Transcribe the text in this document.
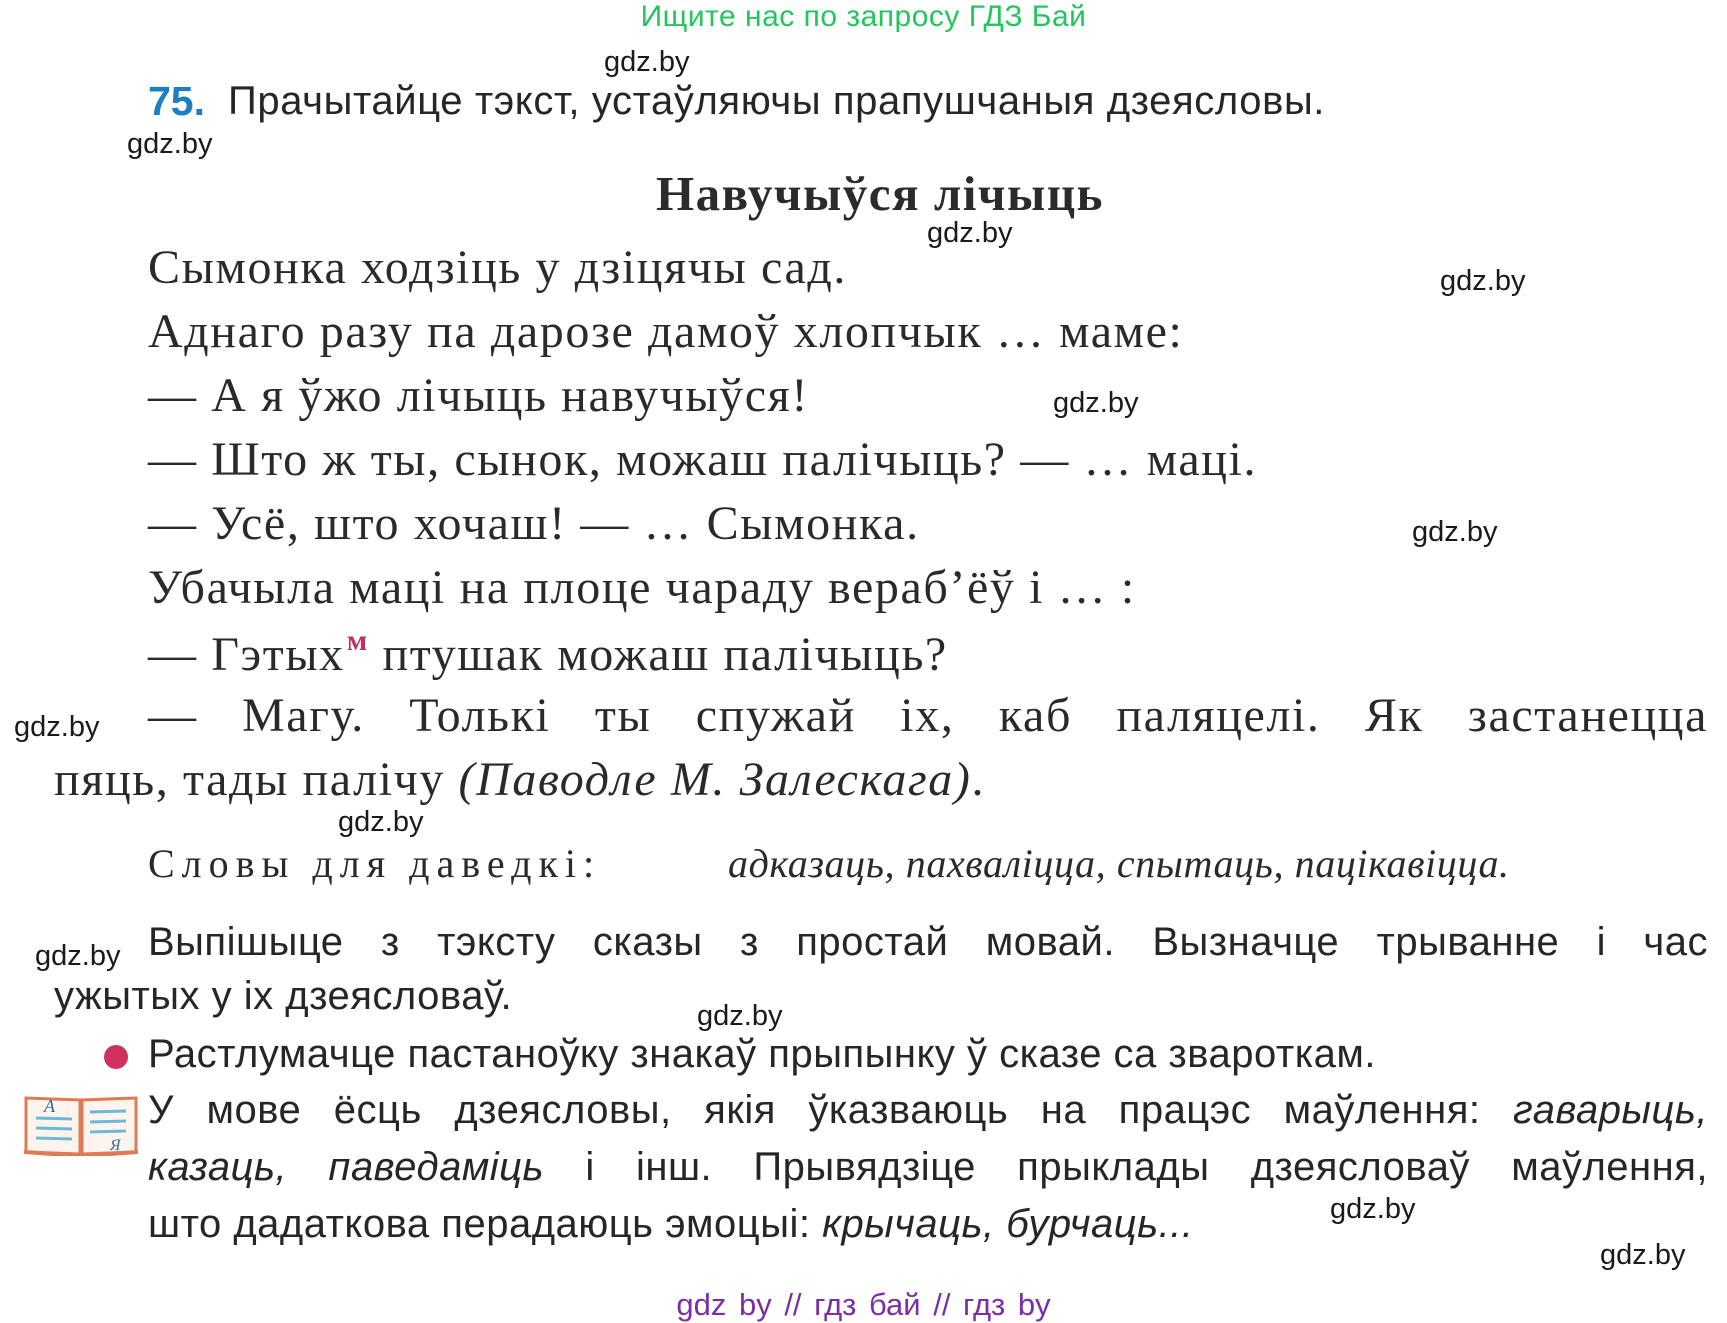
Ищите нас по запросу ГДЗ Бай
gdz.by
gdz.by
gdz.by
gdz.by
gdz.by
gdz.by
gdz.by
gdz.by
gdz.by
gdz.by
gdz.by
gdz.by
75. Прачытайце тэкст, устаўляючы прапушчаныя дзеясловы.
Навучыўся лічыць
Сымонка ходзіць у дзіцячы сад.
Аднаго разу па дарозе дамоў хлопчык … маме:
— А я ўжо лічыць навучыўся!
— Што ж ты, сынок, можаш палічыць? — … маці.
— Усё, што хочаш! — … Сымонка.
Убачыла маці на плоце чараду вераб’ёў і … :
— Гэтых$^м$ птушак можаш палічыць?
— Магу. Толькі ты спужай іх, каб паляцелі. Як застанецца
пяць, тады палічу (Паводле М. Залескага).
Словы для даведкі:	адказаць, пахваліцца, спытаць, пацікавіцца.
Выпішыце з тэксту сказы з простай мовай. Вызначце трыванне і час
ужытых у іх дзеясловаў.
Растлумачце пастаноўку знакаў прыпынку ў сказе са звароткам.
А
Я
У мове ёсць дзеясловы, якія ўказваюць на працэс маўлення: гаварыць,
казаць, паведаміць і інш. Прывядзіце прыклады дзеясловаў маўлення,
што дадаткова перадаюць эмоцыі: крычаць, бурчаць...
gdz by // гдз бай // гдз by
